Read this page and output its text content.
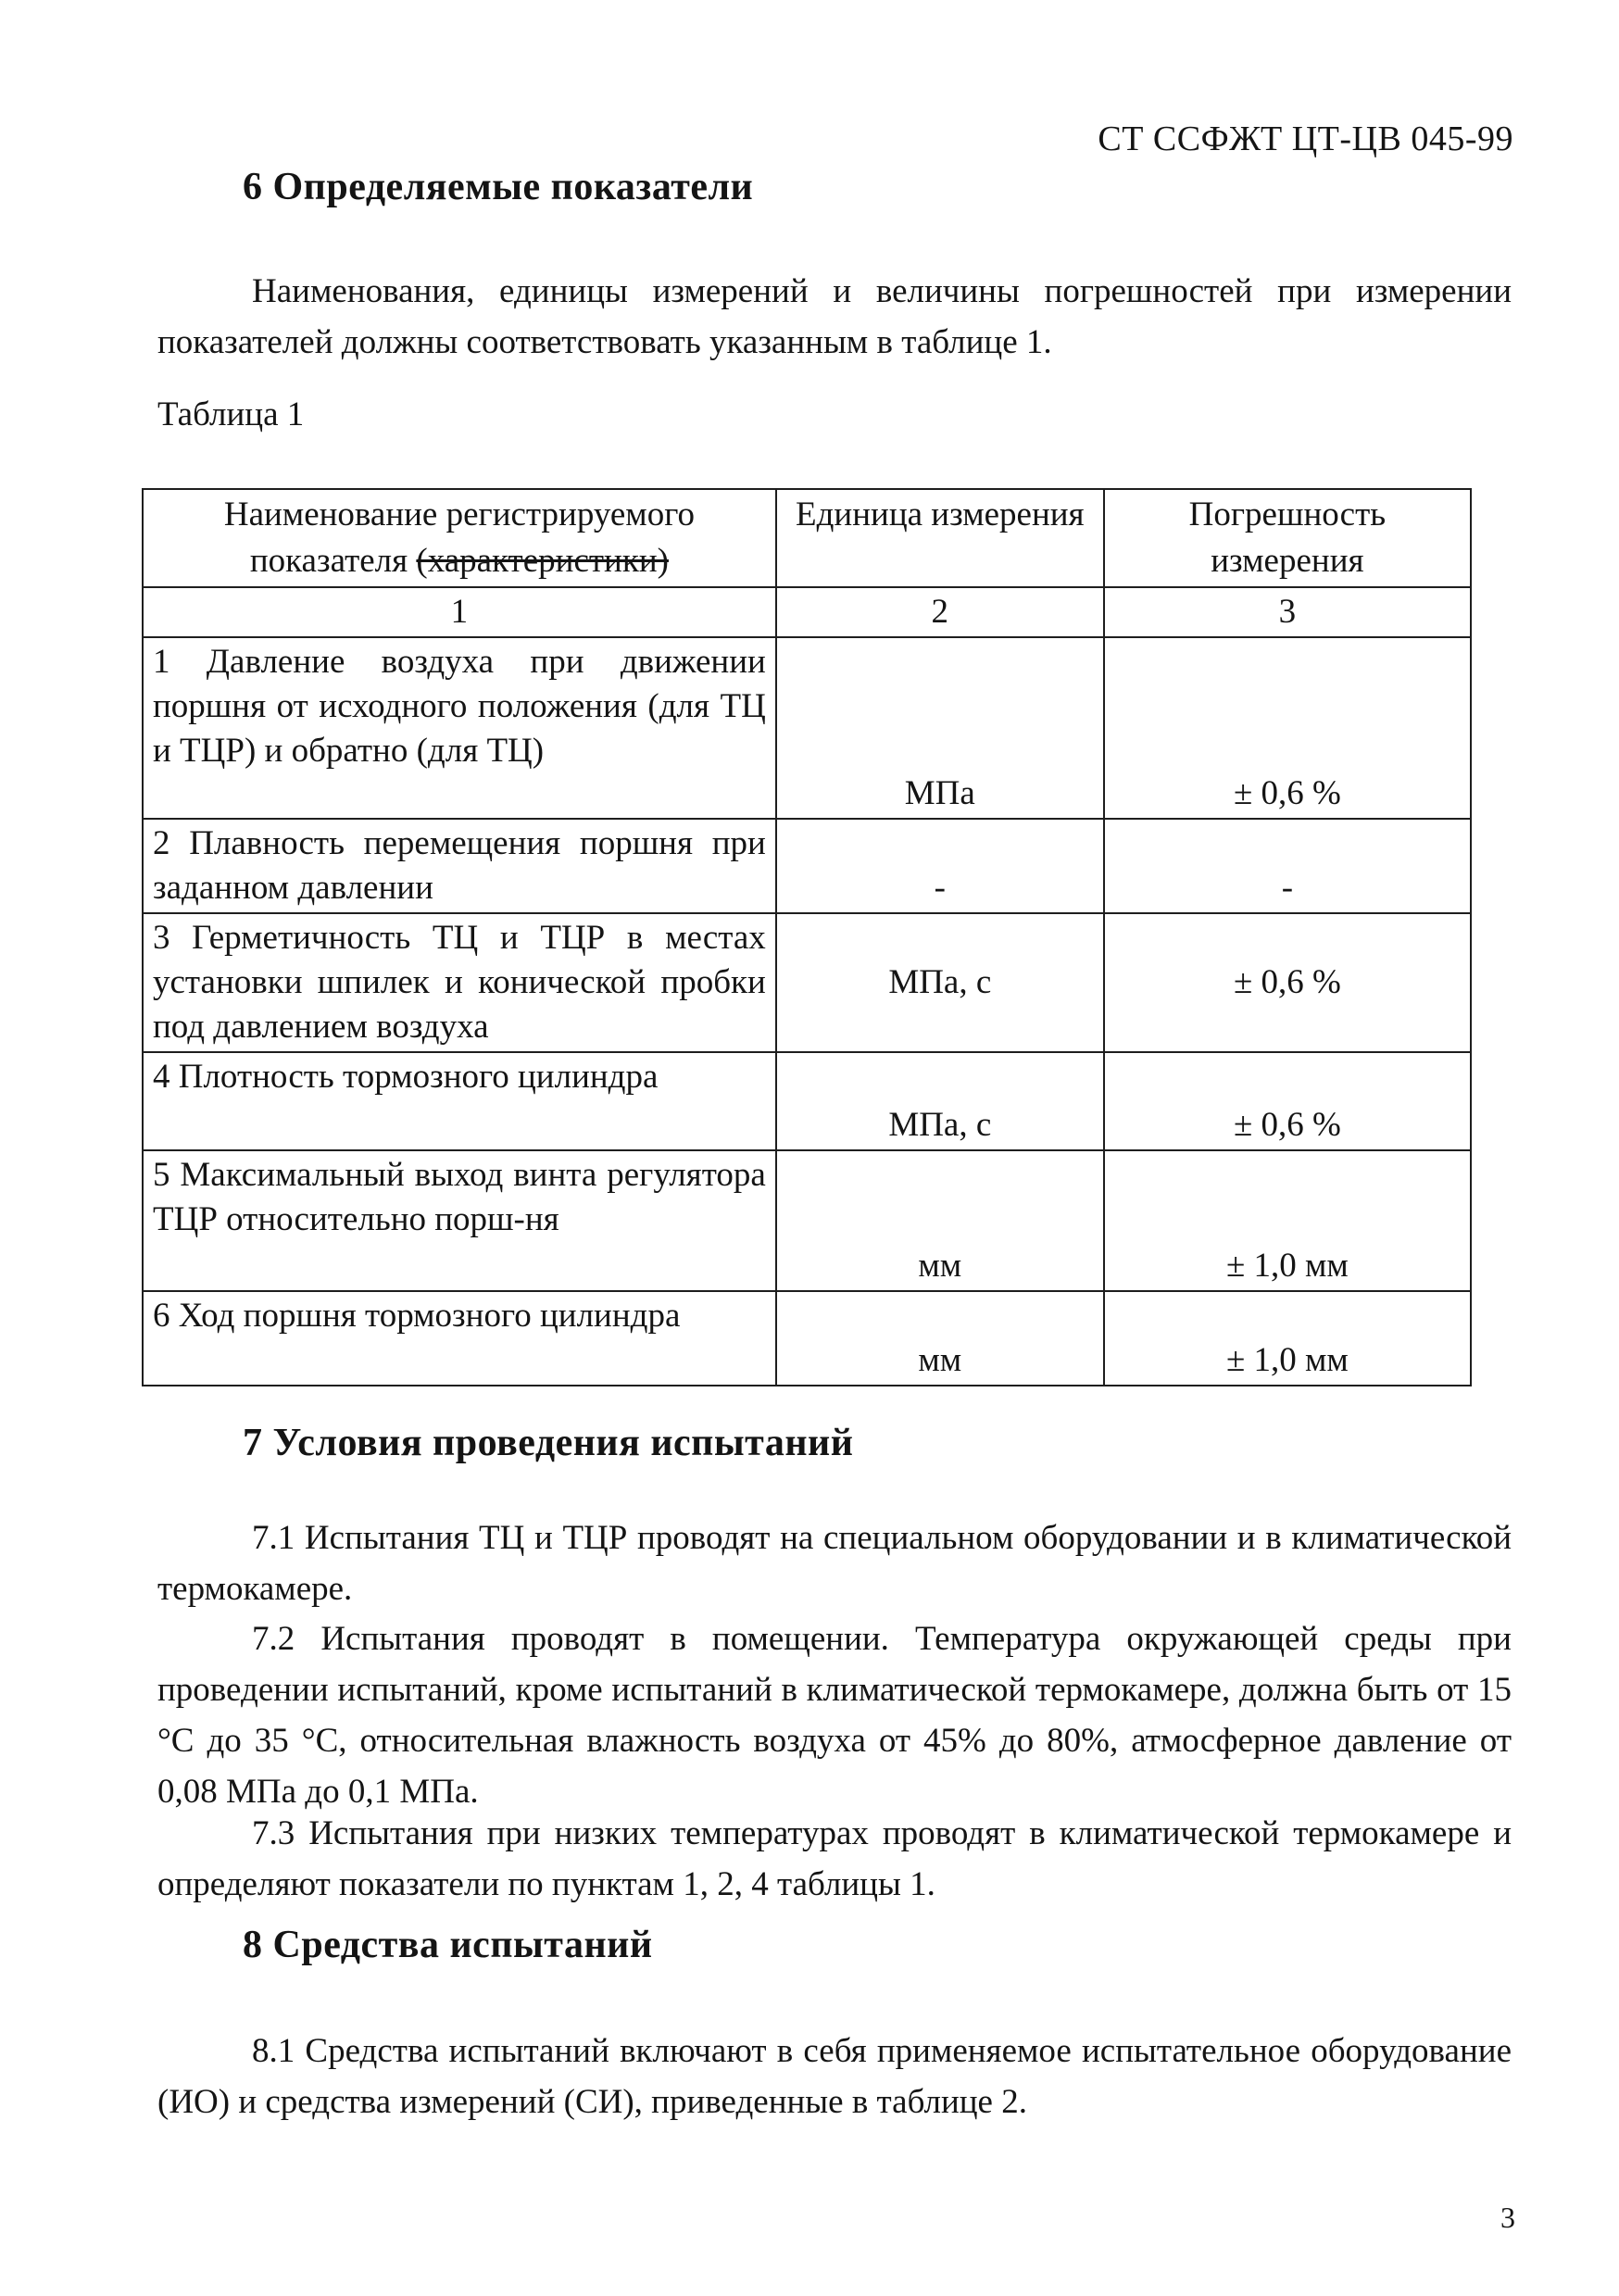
СТ ССФЖТ ЦТ-ЦВ 045-99
6 Определяемые показатели

Наименования, единицы измерений и величины погрешностей при измерении показателей должны соответствовать указанным в таблице 1.

Таблица 1
Наименование регистрируемого показателя (характеристики)	Единица измерения	Погрешность измерения
1	2	3
1 Давление воздуха при движении поршня от исходного положения (для ТЦ и ТЦР) и обратно (для ТЦ)	МПа	± 0,6 %
2 Плавность перемещения поршня при заданном давлении	-	-
3 Герметичность ТЦ и ТЦР в местах установки шпилек и конической пробки под давлением воздуха	МПа, с	± 0,6 %
4 Плотность тормозного цилиндра	МПа, с	± 0,6 %
5 Максимальный выход винта регулятора ТЦР относительно порш-ня	мм	± 1,0 мм
6 Ход поршня тормозного цилиндра	мм	± 1,0 мм
7 Условия проведения испытаний

7.1 Испытания ТЦ и ТЦР проводят на специальном оборудовании и в климатической термокамере.

7.2 Испытания проводят в помещении. Температура окружающей среды при проведении испытаний, кроме испытаний в климатической термокамере, должна быть от 15 °С до 35 °С, относительная влажность воздуха от 45% до 80%, атмосферное давление от 0,08 МПа до 0,1 МПа.

7.3 Испытания при низких температурах проводят в климатической термокамере и определяют показатели по пунктам 1, 2, 4 таблицы 1.

8 Средства испытаний

8.1 Средства испытаний включают в себя применяемое испытательное оборудование (ИО) и средства измерений (СИ), приведенные в таблице 2.

3
